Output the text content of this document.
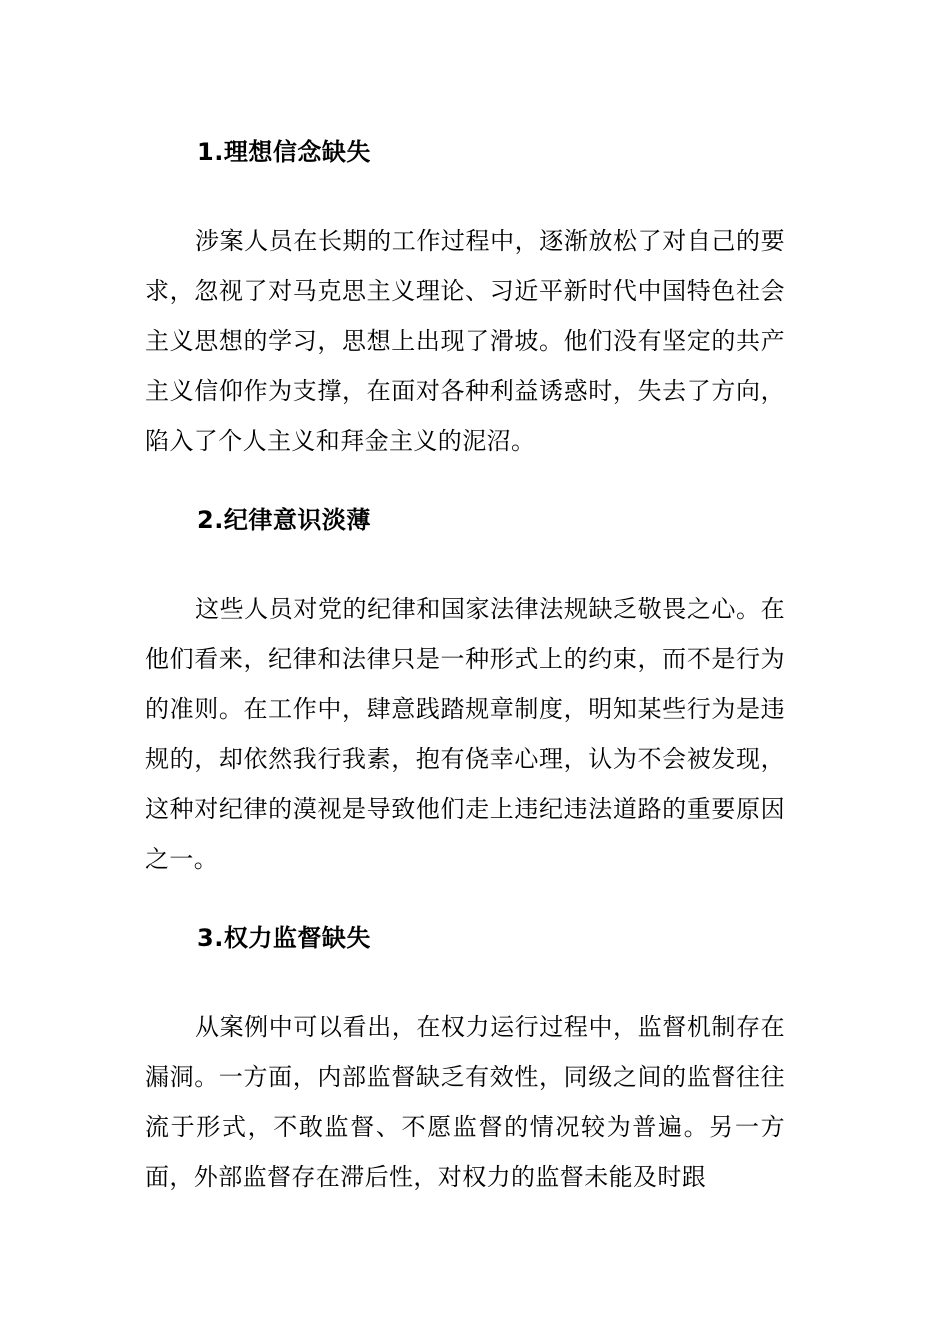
1.理想信念缺失

涉案人员在长期的工作过程中，逐渐放松了对自己的要求，忽视了对马克思主义理论、习近平新时代中国特色社会主义思想的学习，思想上出现了滑坡。他们没有坚定的共产主义信仰作为支撑，在面对各种利益诱惑时，失去了方向，陷入了个人主义和拜金主义的泥沼。

2.纪律意识淡薄

这些人员对党的纪律和国家法律法规缺乏敬畏之心。在他们看来，纪律和法律只是一种形式上的约束，而不是行为的准则。在工作中，肆意践踏规章制度，明知某些行为是违规的，却依然我行我素，抱有侥幸心理，认为不会被发现，这种对纪律的漠视是导致他们走上违纪违法道路的重要原因之一。

3.权力监督缺失

从案例中可以看出，在权力运行过程中，监督机制存在漏洞。一方面，内部监督缺乏有效性，同级之间的监督往往流于形式，不敢监督、不愿监督的情况较为普遍。另一方面，外部监督存在滞后性，对权力的监督未能及时跟
